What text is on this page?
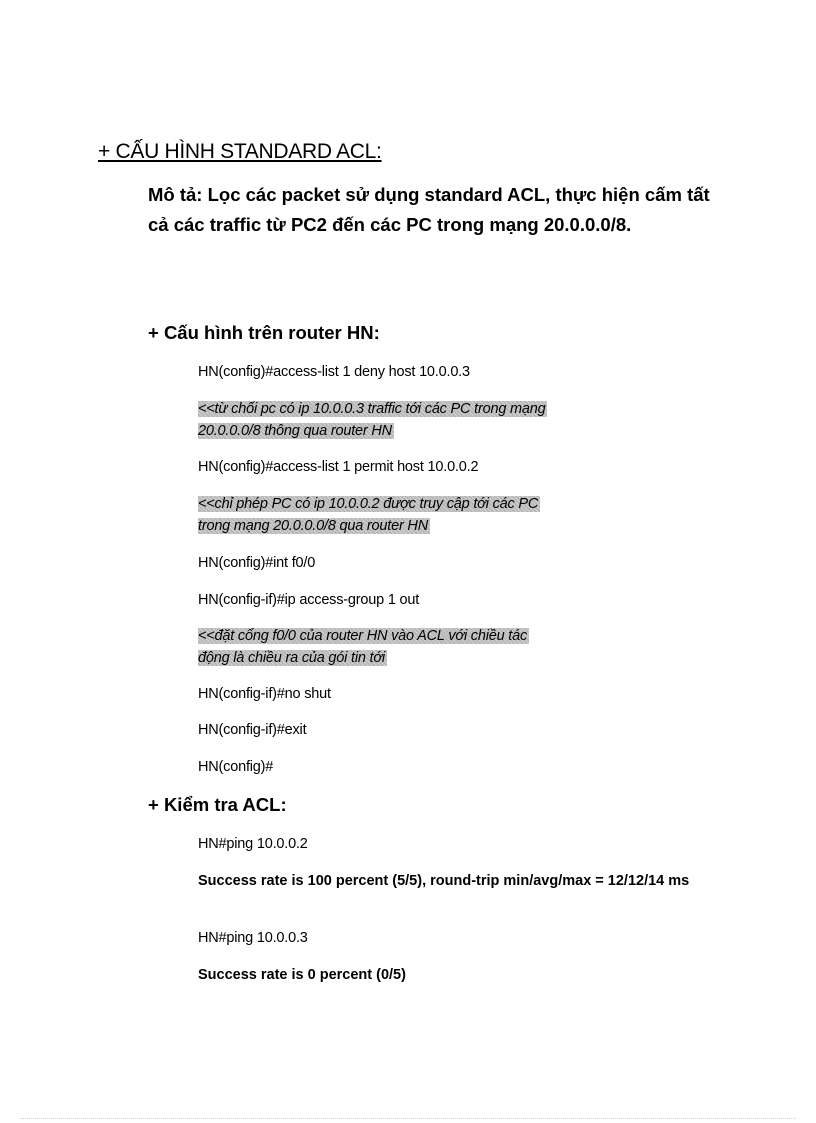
+ CẤU HÌNH STANDARD ACL:
Mô tả: Lọc các packet sử dụng standard ACL, thực hiện cấm tất cả các traffic từ PC2 đến các PC trong mạng 20.0.0.0/8.
+ Cấu hình trên router HN:
HN(config)#access-list 1 deny host 10.0.0.3
<<từ chối pc có ip 10.0.0.3 traffic tới các PC trong mạng
20.0.0.0/8 thông qua router HN
HN(config)#access-list 1 permit host 10.0.0.2
<<chỉ phép PC có ip 10.0.0.2 được truy cập tới các PC
trong mạng 20.0.0.0/8 qua router HN
HN(config)#int f0/0
HN(config-if)#ip access-group 1 out
<<đặt cổng f0/0 của router HN vào ACL với chiều tác
động là chiều ra của gói tin tới
HN(config-if)#no shut
HN(config-if)#exit
HN(config)#
+ Kiểm tra ACL:
HN#ping 10.0.0.2
Success rate is 100 percent (5/5), round-trip min/avg/max = 12/12/14 ms
HN#ping 10.0.0.3
Success rate is 0 percent (0/5)
